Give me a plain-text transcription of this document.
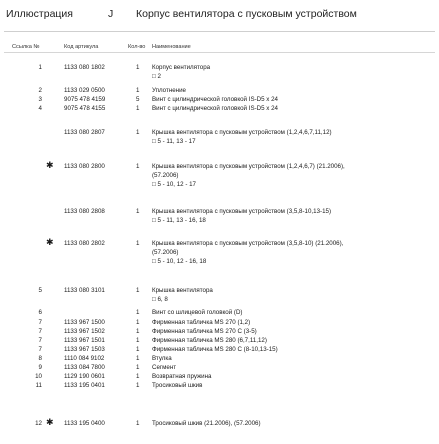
Иллюстрация	J Корпус вентилятора с пусковым устройством
Ссылка №	Код артикула	Кол-во Наименование
1	1133 080 1802	1 Корпус вентилятора
□ 2
2	1133 029 0500	1 Уплотнение
3	9075 478 4159	5 Винт с цилиндрической головкой IS-D5 x 24
4	9075 478 4155	1 Винт с цилиндрической головкой IS-D5 x 24
1133 080 2807	1 Крышка вентилятора с пусковым устройством (1,2,4,6,7,11,12)
□ 5 - 11, 13 - 17
✱ 1133 080 2800	1 Крышка вентилятора с пусковым устройством (1,2,4,6,7) (21.2006),
(57.2006)
□ 5 - 10, 12 - 17
1133 080 2808	1 Крышка вентилятора с пусковым устройством (3,5,8-10,13-15)
□ 5 - 11, 13 - 16, 18
✱ 1133 080 2802	1 Крышка вентилятора с пусковым устройством (3,5,8-10) (21.2006),
(57.2006)
□ 5 - 10, 12 - 16, 18
5	1133 080 3101	1 Крышка вентилятора
□ 6, 8
6	1 Винт со шлицевой головкой (D)
7	1133 967 1500	1 Фирменная табличка MS 270 (1,2)
7	1133 967 1502	1 Фирменная табличка MS 270 C (3-5)
7	1133 967 1501	1 Фирменная табличка MS 280 (6,7,11,12)
7	1133 967 1503	1 Фирменная табличка MS 280 C (8-10,13-15)
8	1110 084 9102	1 Втулка
9	1133 084 7800	1 Сегмент
10	1129 190 0601	1 Возвратная пружина
11	1133 195 0401	1 Тросиковый шкив
12 ✱ 1133 195 0400	1 Тросиковый шкив (21.2006), (57.2006)
